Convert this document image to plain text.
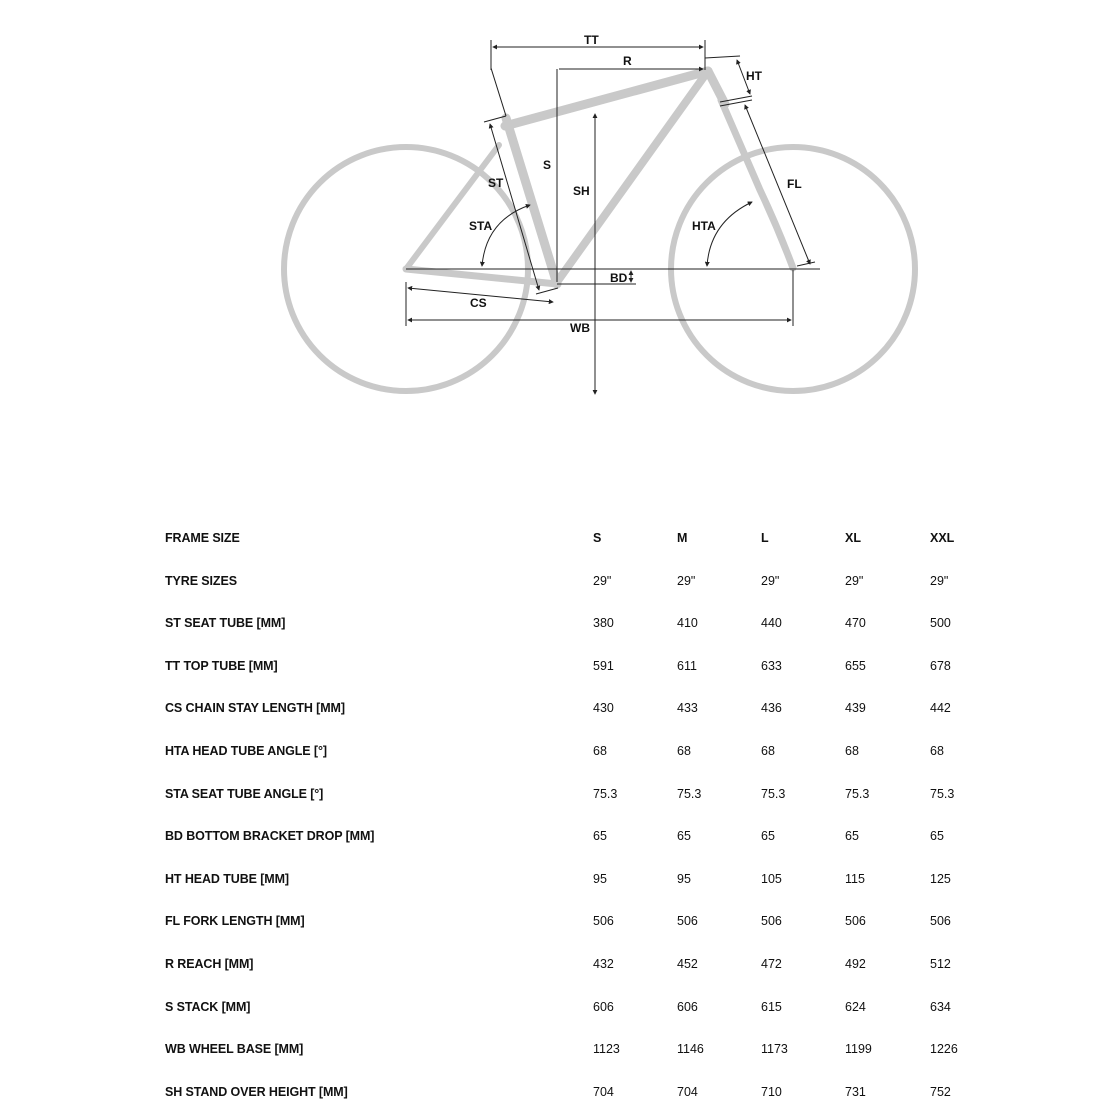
TT
R
HT
S
SH
ST
STA	HTA
FL
BD
CS
WB
FRAME SIZE	S	M	L	XL	XXL
TYRE SIZES	29"	29"	29"	29"	29"
ST SEAT TUBE [MM]	380	410	440	470	500
TT TOP TUBE [MM]	591	611	633	655	678
CS CHAIN STAY LENGTH [MM]	430	433	436	439	442
HTA HEAD TUBE ANGLE [°]	68	68	68	68	68
STA SEAT TUBE ANGLE [°]	75.3	75.3	75.3	75.3	75.3
BD BOTTOM BRACKET DROP [MM]	65	65	65	65	65
HT HEAD TUBE [MM]	95	95	105	115	125
FL FORK LENGTH [MM]	506	506	506	506	506
R REACH [MM]	432	452	472	492	512
S STACK [MM]	606	606	615	624	634
WB WHEEL BASE [MM]	1123	1146	1173	1199	1226
SH STAND OVER HEIGHT [MM]	704	704	710	731	752
